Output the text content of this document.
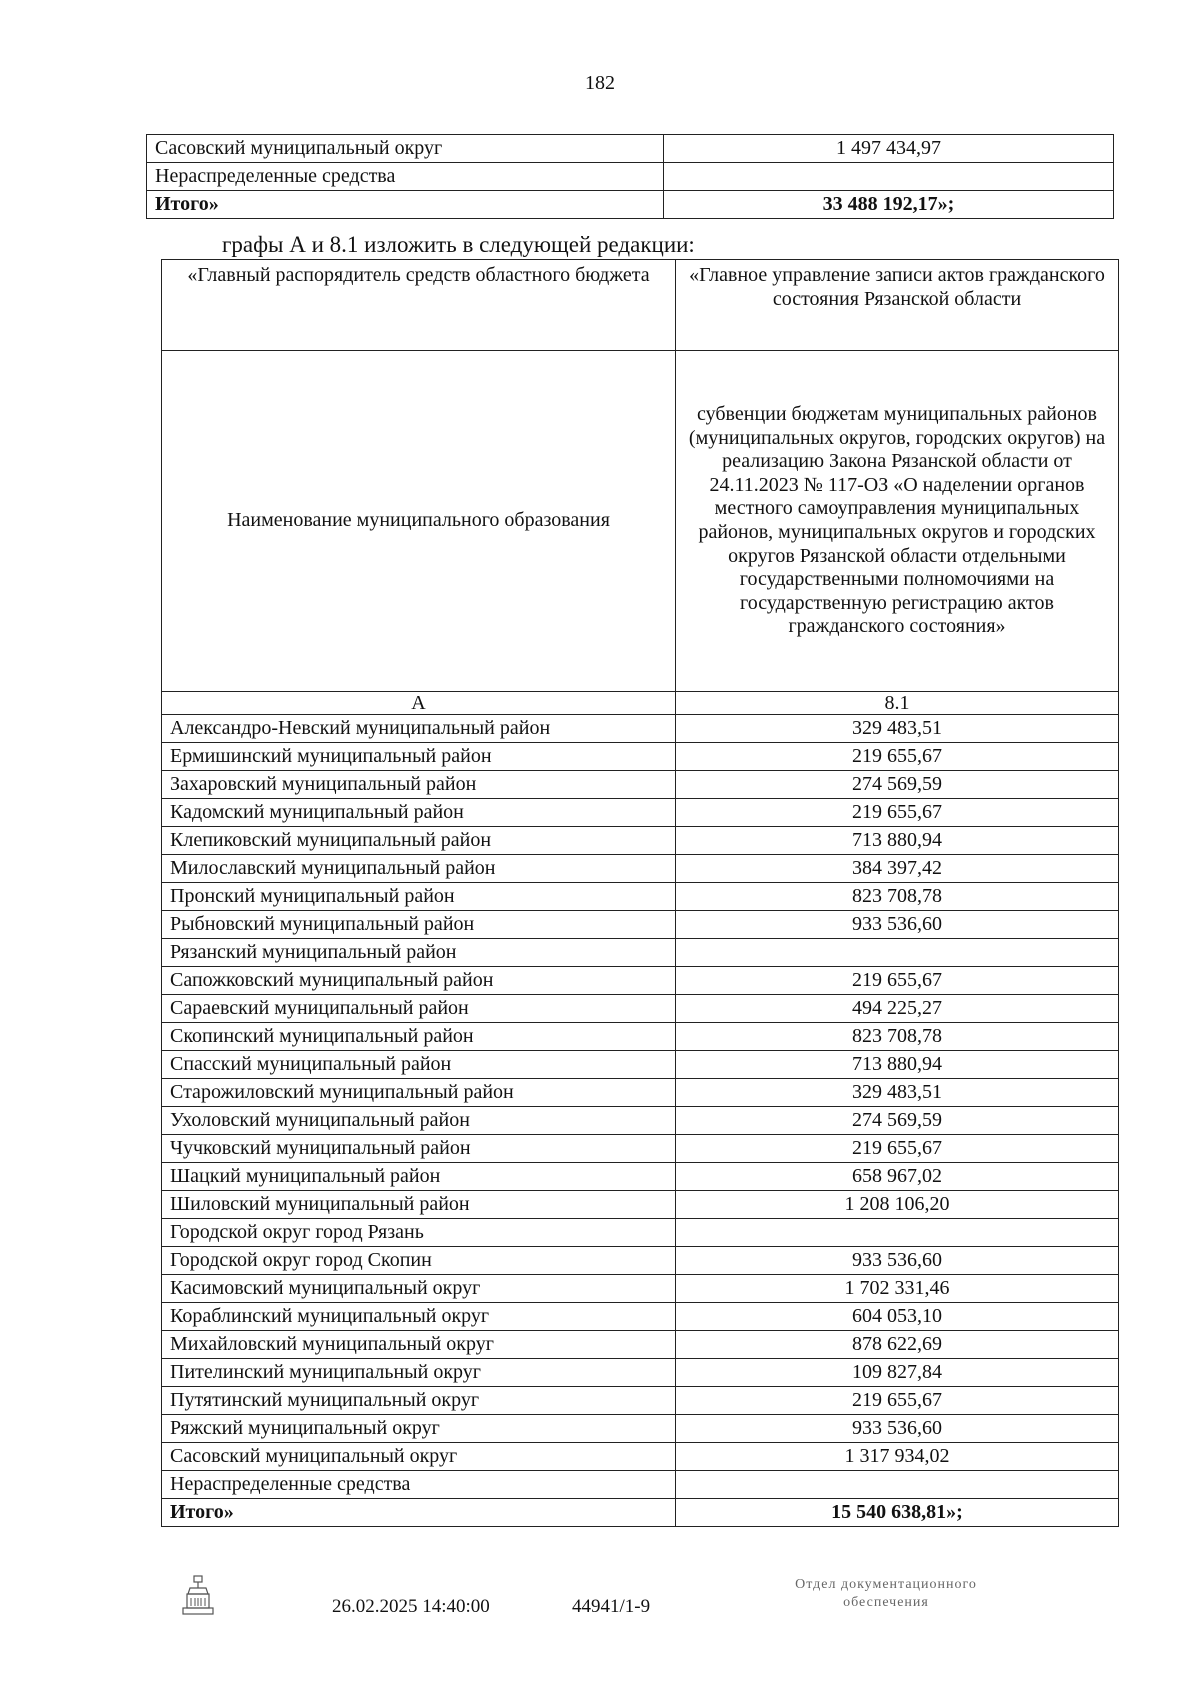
182
Сасовский муниципальный округ	1 497 434,97
Нераспределенные средства	
Итого»	33 488 192,17»;
графы А и 8.1 изложить в следующей редакции:
«Главный распорядитель средств областного бюджета	«Главное управление записи актов гражданского состояния Рязанской области
Наименование муниципального образования	субвенции бюджетам муниципальных районов (муниципальных округов, городских округов) на реализацию Закона Рязанской области от 24.11.2023 № 117-ОЗ «О наделении органов местного самоуправления муниципальных районов, муниципальных округов и городских округов Рязанской области отдельными государственными полномочиями на государственную регистрацию актов гражданского состояния»
А	8.1
Александро-Невский муниципальный район	329 483,51
Ермишинский муниципальный район	219 655,67
Захаровский муниципальный район	274 569,59
Кадомский муниципальный район	219 655,67
Клепиковский муниципальный район	713 880,94
Милославский муниципальный район	384 397,42
Пронский муниципальный район	823 708,78
Рыбновский муниципальный район	933 536,60
Рязанский муниципальный район	
Сапожковский муниципальный район	219 655,67
Сараевский муниципальный район	494 225,27
Скопинский муниципальный район	823 708,78
Спасский муниципальный район	713 880,94
Старожиловский муниципальный район	329 483,51
Ухоловский муниципальный район	274 569,59
Чучковский муниципальный район	219 655,67
Шацкий муниципальный район	658 967,02
Шиловский муниципальный район	1 208 106,20
Городской округ город Рязань	
Городской округ город Скопин	933 536,60
Касимовский муниципальный округ	1 702 331,46
Кораблинский муниципальный округ	604 053,10
Михайловский муниципальный округ	878 622,69
Пителинский муниципальный округ	109 827,84
Путятинский муниципальный округ	219 655,67
Ряжский муниципальный округ	933 536,60
Сасовский муниципальный округ	1 317 934,02
Нераспределенные средства	
Итого»	15 540 638,81»;
26.02.2025 14:40:00	44941/1-9
Отдел документационного
обеспечения
